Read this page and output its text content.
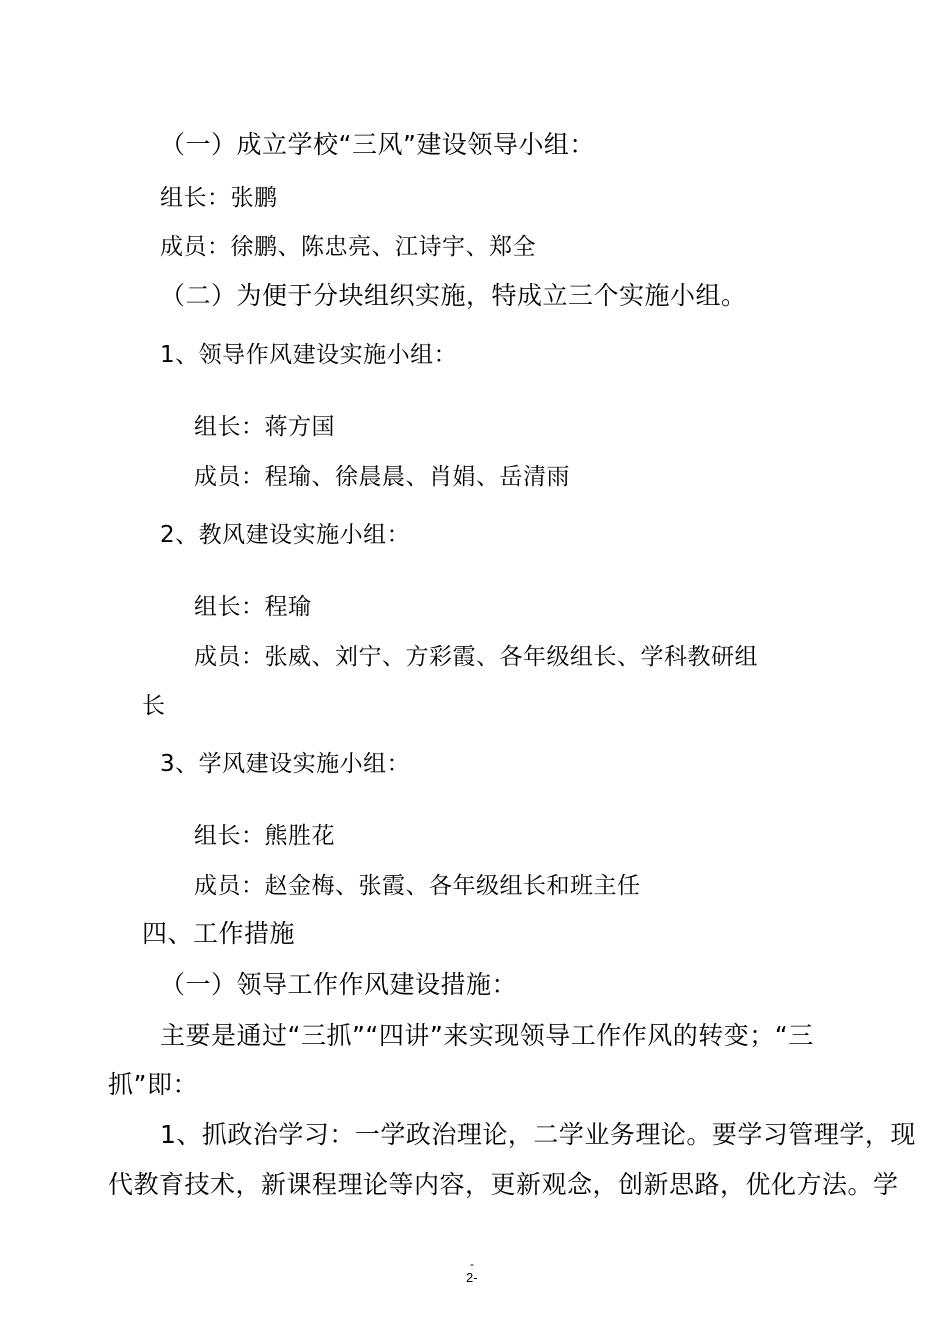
（一）成立学校“三风”建设领导小组：
组长：张鹏
成员：徐鹏、陈忠亮、江诗宇、郑全
（二）为便于分块组织实施，特成立三个实施小组。
1、领导作风建设实施小组：
组长：蒋方国
成员：程瑜、徐晨晨、肖娟、岳清雨
2、教风建设实施小组：
组长：程瑜
成员：张威、刘宁、方彩霞、各年级组长、学科教研组
长
3、学风建设实施小组：
组长：熊胜花
成员：赵金梅、张霞、各年级组长和班主任
四、工作措施
（一）领导工作作风建设措施：
主要是通过“三抓”“四讲”来实现领导工作作风的转变；“三
抓”即：
1、抓政治学习：一学政治理论，二学业务理论。要学习管理学，现
代教育技术，新课程理论等内容，更新观念，创新思路，优化方法。学
-
2-
